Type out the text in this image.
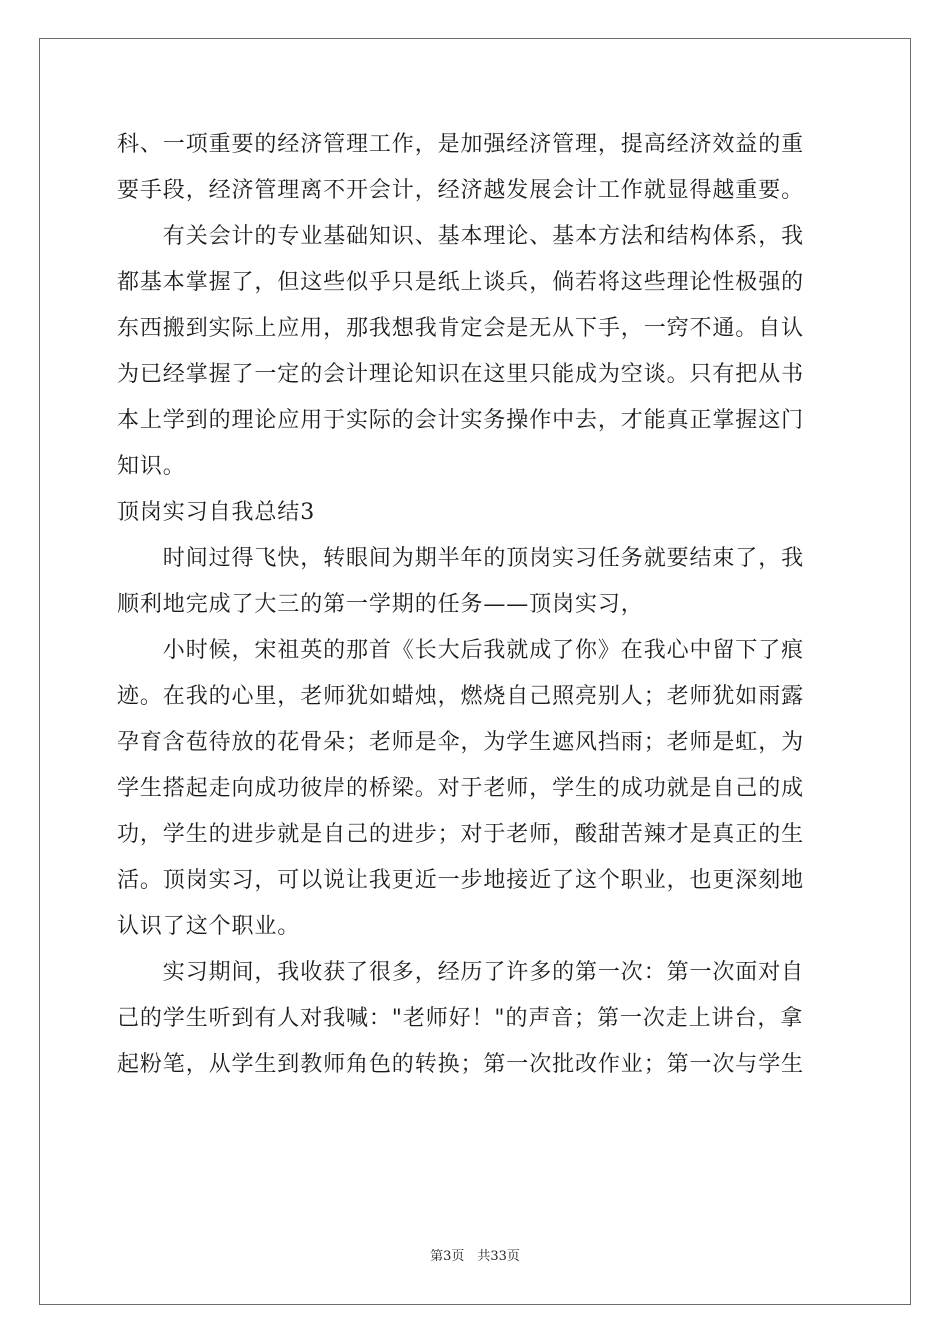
科、一项重要的经济管理工作，是加强经济管理，提高经济效益的重
要手段，经济管理离不开会计，经济越发展会计工作就显得越重要。
　　有关会计的专业基础知识、基本理论、基本方法和结构体系，我
都基本掌握了，但这些似乎只是纸上谈兵，倘若将这些理论性极强的
东西搬到实际上应用，那我想我肯定会是无从下手，一窍不通。自认
为已经掌握了一定的会计理论知识在这里只能成为空谈。只有把从书
本上学到的理论应用于实际的会计实务操作中去，才能真正掌握这门
知识。
顶岗实习自我总结3
　　时间过得飞快，转眼间为期半年的顶岗实习任务就要结束了，我
顺利地完成了大三的第一学期的任务——顶岗实习，
　　小时候，宋祖英的那首《长大后我就成了你》在我心中留下了痕
迹。在我的心里，老师犹如蜡烛，燃烧自己照亮别人；老师犹如雨露
孕育含苞待放的花骨朵；老师是伞，为学生遮风挡雨；老师是虹，为
学生搭起走向成功彼岸的桥梁。对于老师，学生的成功就是自己的成
功，学生的进步就是自己的进步；对于老师，酸甜苦辣才是真正的生
活。顶岗实习，可以说让我更近一步地接近了这个职业，也更深刻地
认识了这个职业。
　　实习期间，我收获了很多，经历了许多的第一次：第一次面对自
己的学生听到有人对我喊："老师好！"的声音；第一次走上讲台，拿
起粉笔，从学生到教师角色的转换；第一次批改作业；第一次与学生
第3页　共33页
